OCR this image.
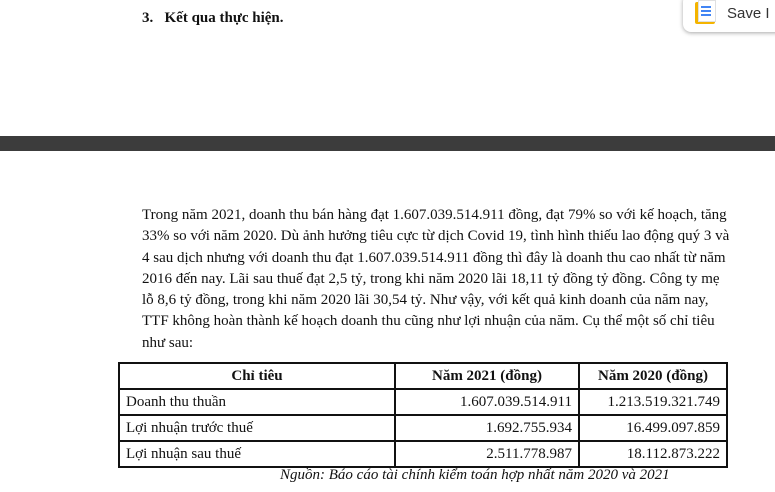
3.   Kết qua thực hiện.	Save I

Trong năm 2021, doanh thu bán hàng đạt 1.607.039.514.911 đồng, đạt 79% so với kế hoạch, tăng 33% so với năm 2020. Dù ảnh hưởng tiêu cực từ dịch Covid 19, tình hình thiếu lao động quý 3 và 4 sau dịch nhưng với doanh thu đạt 1.607.039.514.911 đồng thì đây là doanh thu cao nhất từ năm 2016 đến nay. Lãi sau thuế đạt 2,5 tỷ, trong khi năm 2020 lãi 18,11 tỷ đồng tỷ đồng. Công ty mẹ lỗ 8,6 tỷ đồng, trong khi năm 2020 lãi 30,54 tỷ. Như vậy, với kết quả kinh doanh của năm nay, TTF không hoàn thành kế hoạch doanh thu cũng như lợi nhuận của năm. Cụ thể một số chỉ tiêu như sau:

Chỉ tiêu	Năm 2021 (đồng)	Năm 2020 (đồng)
Doanh thu thuần	1.607.039.514.911	1.213.519.321.749
Lợi nhuận trước thuế	1.692.755.934	16.499.097.859
Lợi nhuận sau thuế	2.511.778.987	18.112.873.222
Nguồn: Báo cáo tài chính kiểm toán hợp nhất năm 2020 và 2021
